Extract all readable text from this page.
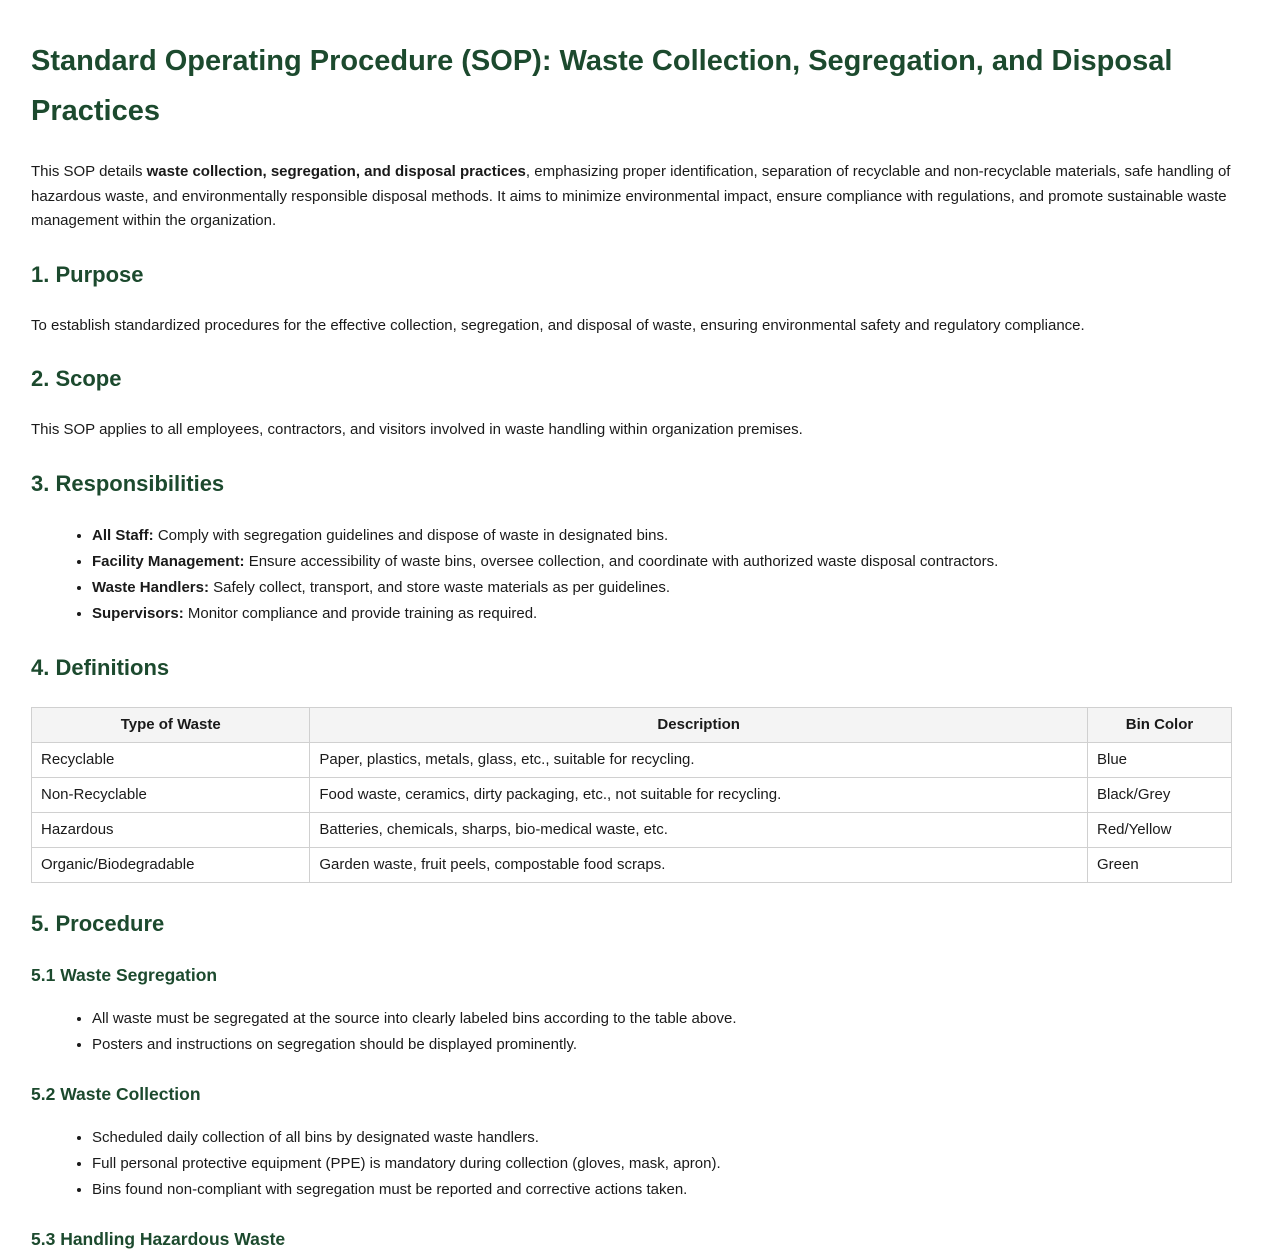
Standard Operating Procedure (SOP): Waste Collection, Segregation, and Disposal Practices

This SOP details waste collection, segregation, and disposal practices, emphasizing proper identification, separation of recyclable and non-recyclable materials, safe handling of hazardous waste, and environmentally responsible disposal methods. It aims to minimize environmental impact, ensure compliance with regulations, and promote sustainable waste management within the organization.

1. Purpose

To establish standardized procedures for the effective collection, segregation, and disposal of waste, ensuring environmental safety and regulatory compliance.

2. Scope

This SOP applies to all employees, contractors, and visitors involved in waste handling within organization premises.

3. Responsibilities
• All Staff: Comply with segregation guidelines and dispose of waste in designated bins.
• Facility Management: Ensure accessibility of waste bins, oversee collection, and coordinate with authorized waste disposal contractors.
• Waste Handlers: Safely collect, transport, and store waste materials as per guidelines.
• Supervisors: Monitor compliance and provide training as required.
4. Definitions
Type of Waste	Description	Bin Color
Recyclable	Paper, plastics, metals, glass, etc., suitable for recycling.	Blue
Non-Recyclable	Food waste, ceramics, dirty packaging, etc., not suitable for recycling.	Black/Grey
Hazardous	Batteries, chemicals, sharps, bio-medical waste, etc.	Red/Yellow
Organic/Biodegradable	Garden waste, fruit peels, compostable food scraps.	Green
5. Procedure
5.1 Waste Segregation
• All waste must be segregated at the source into clearly labeled bins according to the table above.
• Posters and instructions on segregation should be displayed prominently.
5.2 Waste Collection
• Scheduled daily collection of all bins by designated waste handlers.
• Full personal protective equipment (PPE) is mandatory during collection (gloves, mask, apron).
• Bins found non-compliant with segregation must be reported and corrective actions taken.
5.3 Handling Hazardous Waste
